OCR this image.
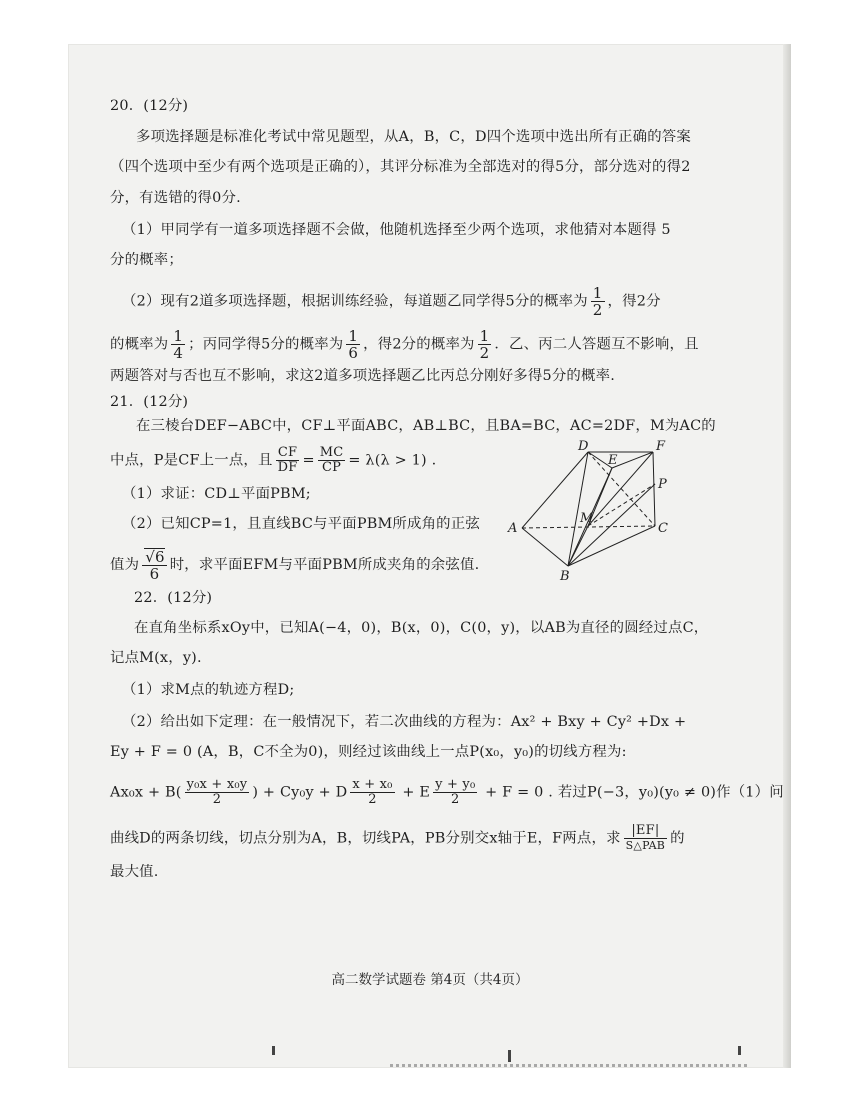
20．(12分)
多项选择题是标准化考试中常见题型，从A，B，C，D四个选项中选出所有正确的答案
（四个选项中至少有两个选项是正确的），其评分标准为全部选对的得5分，部分选对的得2
分，有选错的得0分.
（1）甲同学有一道多项选择题不会做，他随机选择至少两个选项，求他猜对本题得 5
分的概率；
（2）现有2道多项选择题，根据训练经验，每道题乙同学得5分的概率为 $\frac{1}{2}$ ，得2分
的概率为 $\frac{1}{4}$ ；丙同学得5分的概率为 $\frac{1}{6}$ ，得2分的概率为 $\frac{1}{2}$ ．乙、丙二人答题互不影响，且
两题答对与否也互不影响，求这2道多项选择题乙比丙总分刚好多得5分的概率.
21．(12分)
在三棱台DEF−ABC中，CF⊥平面ABC，AB⊥BC，且BA=BC，AC=2DF，M为AC的
中点，P是CF上一点，且 $\frac{CF}{DF} = \frac{MC}{CP} = \lambda(\lambda > 1)$ .
（1）求证：CD⊥平面PBM;
（2）已知CP=1，且直线BC与平面PBM所成角的正弦
值为 $\frac{√6}{6}$ 时，求平面EFM与平面PBM所成夹角的余弦值.
D
E
F
P
A
M
C
B
22．(12分)
在直角坐标系xOy中，已知A(−4，0)，B(x，0)，C(0，y)，以AB为直径的圆经过点C，
记点M(x，y).
（1）求M点的轨迹方程D;
（2）给出如下定理：在一般情况下，若二次曲线的方程为：Ax² + Bxy + Cy² +Dx +
Ey + F = 0 (A，B，C不全为0)，则经过该曲线上一点P(x₀，y₀)的切线方程为:
$Ax_0x + B( \frac{\text{y₀x + x₀y}}{2}$ ) + Cy₀y + D $\frac{\text{x + x₀}}{2} + E \frac{\text{y + y₀}}{2} + F = 0$ . 若过P(−3，y₀)(y₀ ≠ 0)作（1）问
曲线D的两条切线，切点分别为A，B，切线PA，PB分别交x轴于E，F两点，求 $\frac{|EF|}{\text{S△PAB}}$ 的
最大值.
高二数学试题卷 第4页（共4页）
